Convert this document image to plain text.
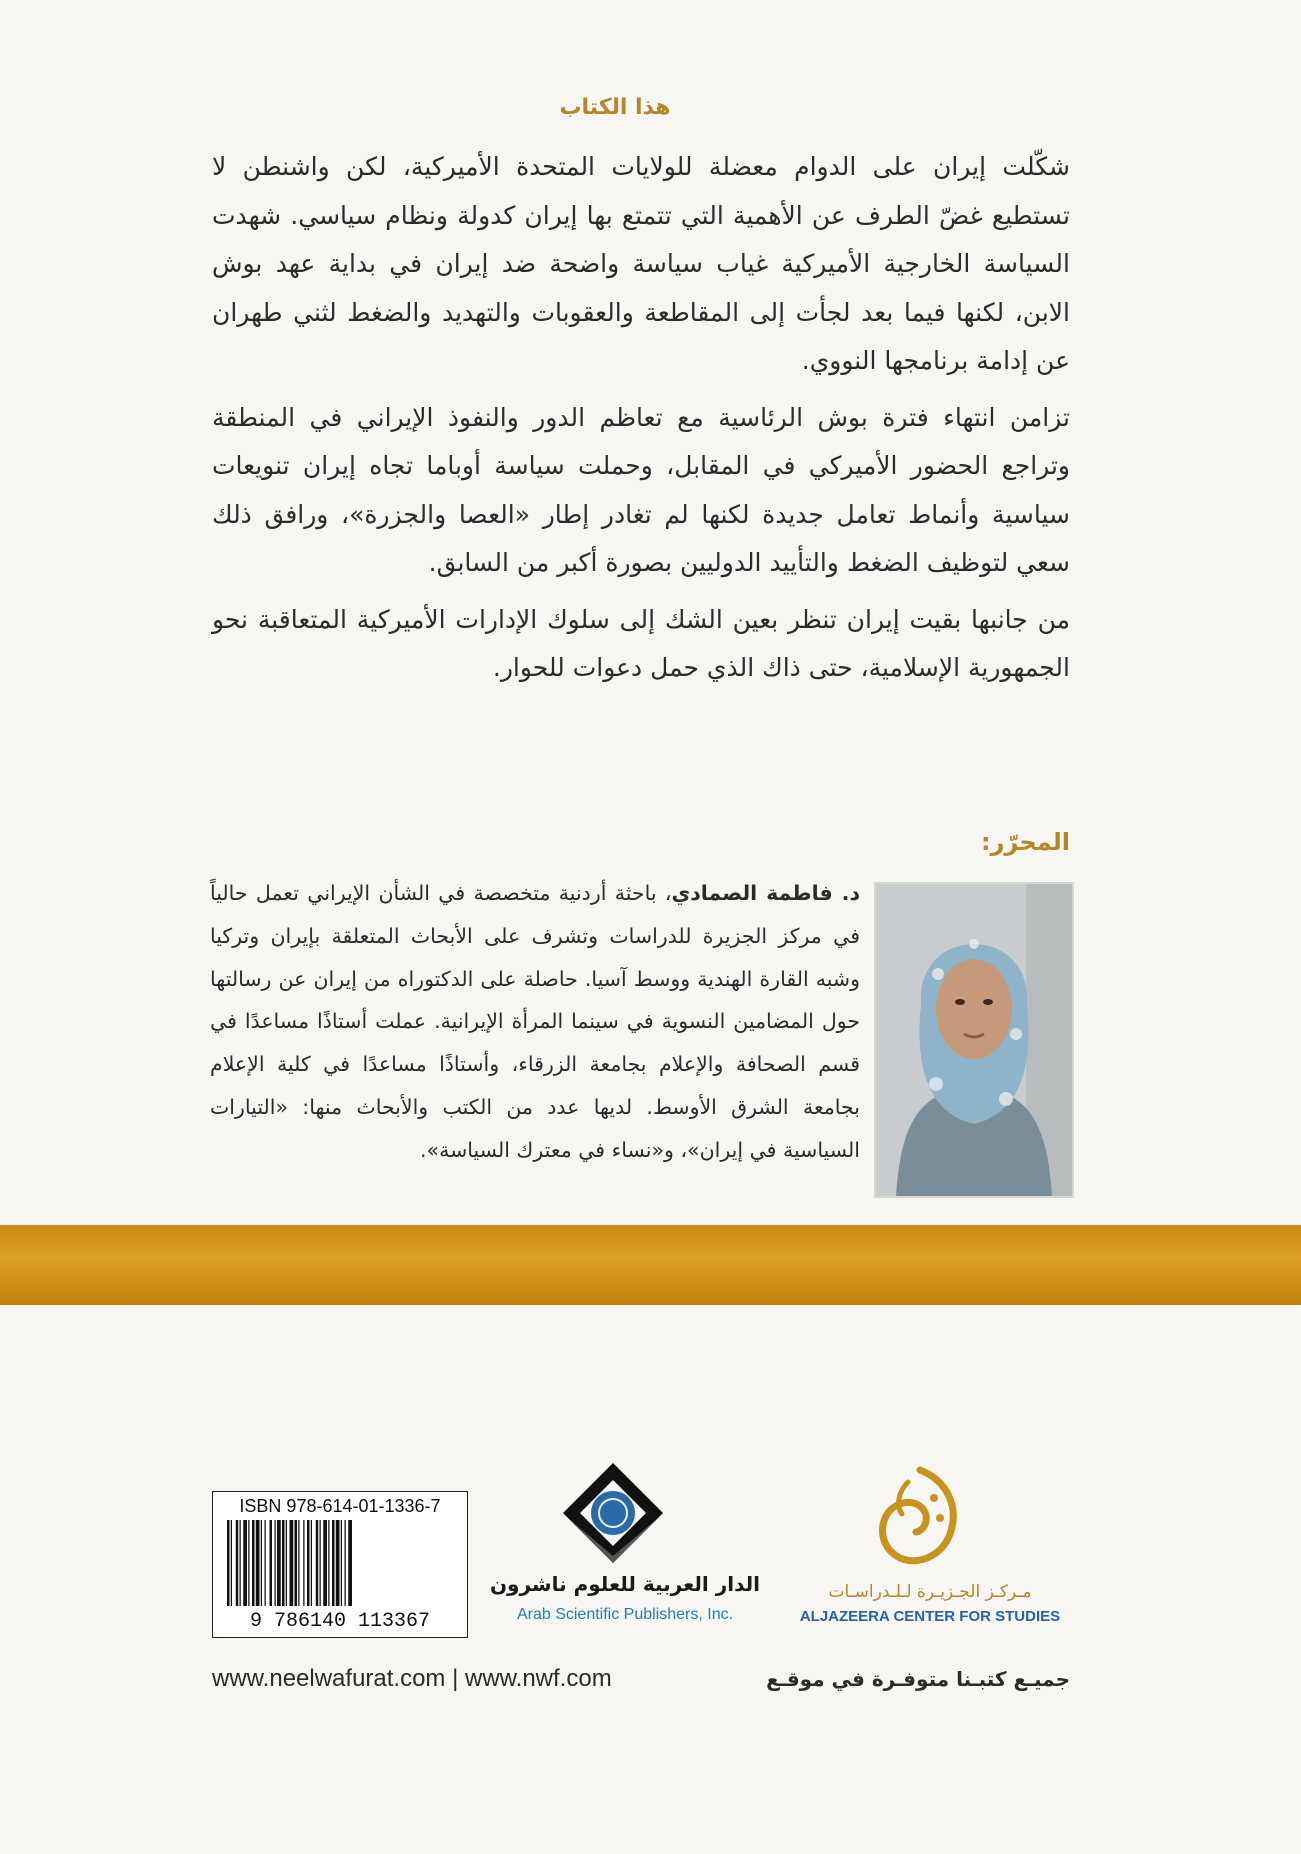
هذا الكتاب

شكّلت إيران على الدوام معضلة للولايات المتحدة الأميركية، لكن واشنطن لا تستطيع غضّ الطرف عن الأهمية التي تتمتع بها إيران كدولة ونظام سياسي. شهدت السياسة الخارجية الأميركية غياب سياسة واضحة ضد إيران في بداية عهد بوش الابن، لكنها فيما بعد لجأت إلى المقاطعة والعقوبات والتهديد والضغط لثني طهران عن إدامة برنامجها النووي.

تزامن انتهاء فترة بوش الرئاسية مع تعاظم الدور والنفوذ الإيراني في المنطقة وتراجع الحضور الأميركي في المقابل، وحملت سياسة أوباما تجاه إيران تنويعات سياسية وأنماط تعامل جديدة لكنها لم تغادر إطار «العصا والجزرة»، ورافق ذلك سعي لتوظيف الضغط والتأييد الدوليين بصورة أكبر من السابق.

من جانبها بقيت إيران تنظر بعين الشك إلى سلوك الإدارات الأميركية المتعاقبة نحو الجمهورية الإسلامية، حتى ذاك الذي حمل دعوات للحوار.

المحرّر:
د. فاطمة الصمادي، باحثة أردنية متخصصة في الشأن الإيراني تعمل حالياً في مركز الجزيرة للدراسات وتشرف على الأبحاث المتعلقة بإيران وتركيا وشبه القارة الهندية ووسط آسيا. حاصلة على الدكتوراه من إيران عن رسالتها حول المضامين النسوية في سينما المرأة الإيرانية. عملت أستاذًا مساعدًا في قسم الصحافة والإعلام بجامعة الزرقاء، وأستاذًا مساعدًا في كلية الإعلام بجامعة الشرق الأوسط. لديها عدد من الكتب والأبحاث منها: «التيارات السياسية في إيران»، و«نساء في معترك السياسة».
ISBN 978-614-01-1336-7
9 786140 113367
الدار العربية للعلوم ناشرون
Arab Scientific Publishers, Inc.
مـركـز الجـزيـرة لـلـدراسـات
ALJAZEERA CENTER FOR STUDIES
www.neelwafurat.com | www.nwf.com	جميـع كتبـنا متوفـرة في موقـع
